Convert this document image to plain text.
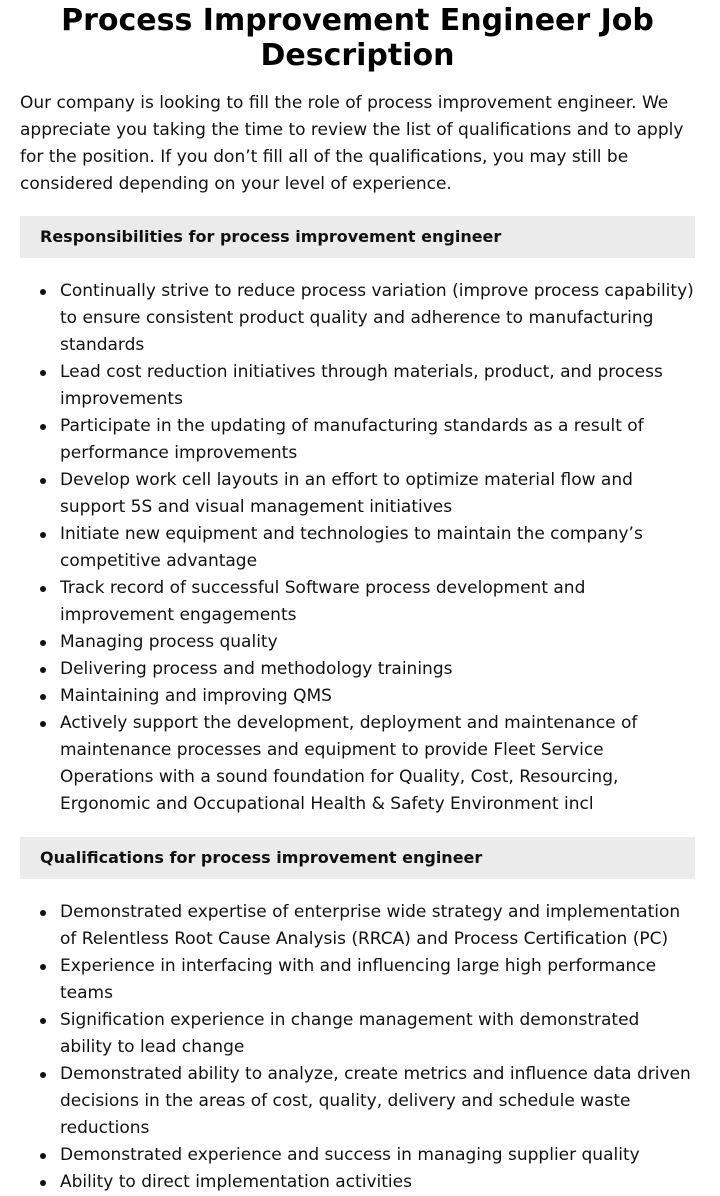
Process Improvement Engineer Job Description

Our company is looking to fill the role of process improvement engineer. We appreciate you taking the time to review the list of qualifications and to apply for the position. If you don’t fill all of the qualifications, you may still be considered depending on your level of experience.

Responsibilities for process improvement engineer
Continually strive to reduce process variation (improve process capability) to ensure consistent product quality and adherence to manufacturing standards
Lead cost reduction initiatives through materials, product, and process improvements
Participate in the updating of manufacturing standards as a result of performance improvements
Develop work cell layouts in an effort to optimize material flow and support 5S and visual management initiatives
Initiate new equipment and technologies to maintain the company’s competitive advantage
Track record of successful Software process development and improvement engagements
Managing process quality
Delivering process and methodology trainings
Maintaining and improving QMS
Actively support the development, deployment and maintenance of maintenance processes and equipment to provide Fleet Service Operations with a sound foundation for Quality, Cost, Resourcing, Ergonomic and Occupational Health & Safety Environment incl
Qualifications for process improvement engineer
Demonstrated expertise of enterprise wide strategy and implementation of Relentless Root Cause Analysis (RRCA) and Process Certification (PC)
Experience in interfacing with and influencing large high performance teams
Signification experience in change management with demonstrated ability to lead change
Demonstrated ability to analyze, create metrics and influence data driven decisions in the areas of cost, quality, delivery and schedule waste reductions
Demonstrated experience and success in managing supplier quality
Ability to direct implementation activities
